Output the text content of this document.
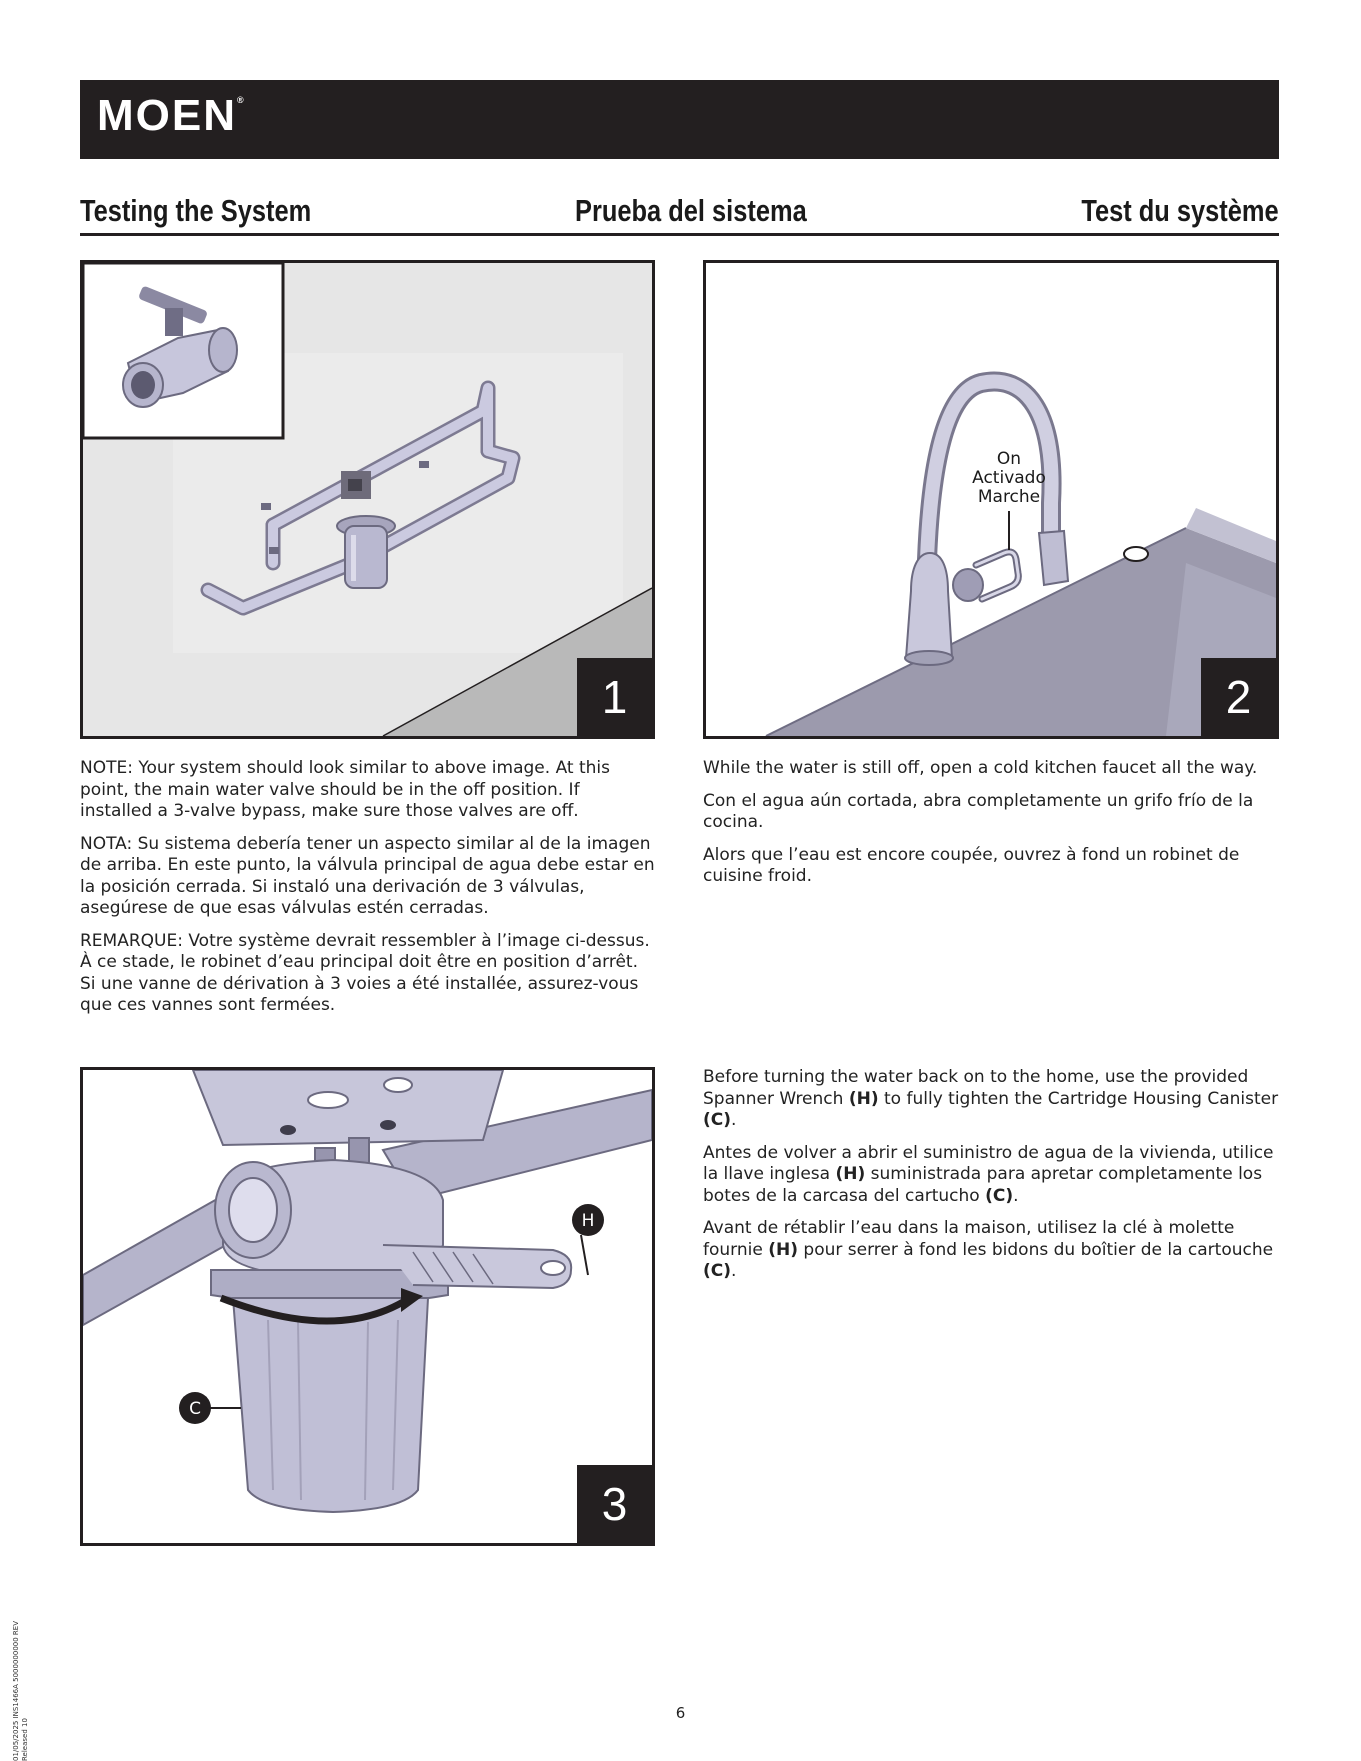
MOEN®
Testing the System	Prueba del sistema	Test du système
1
On
Activado
Marche
2
C
H
3

NOTE: Your system should look similar to above image. At this point, the main water valve should be in the off position. If installed a 3-valve bypass, make sure those valves are off.

NOTA: Su sistema debería tener un aspecto similar al de la imagen de arriba. En este punto, la válvula principal de agua debe estar en la posición cerrada. Si instaló una derivación de 3 válvulas, asegúrese de que esas válvulas estén cerradas.

REMARQUE: Votre système devrait ressembler à l’image ci-dessus. À ce stade, le robinet d’eau principal doit être en position d’arrêt. Si une vanne de dérivation à 3 voies a été installée, assurez-vous que ces vannes sont fermées.

While the water is still off, open a cold kitchen faucet all the way.

Con el agua aún cortada, abra completamente un grifo frío de la cocina.

Alors que l’eau est encore coupée, ouvrez à fond un robinet de cuisine froid.

Before turning the water back on to the home, use the provided Spanner Wrench (H) to fully tighten the Cartridge Housing Canister (C).

Antes de volver a abrir el suministro de agua de la vivienda, utilice la llave inglesa (H) suministrada para apretar completamente los botes de la carcasa del cartucho (C).

Avant de rétablir l’eau dans la maison, utilisez la clé à molette fournie (H) pour serrer à fond les bidons du boîtier de la cartouche (C).

6
01/05/2025 INS1466A 5000000000 REV Released 10
